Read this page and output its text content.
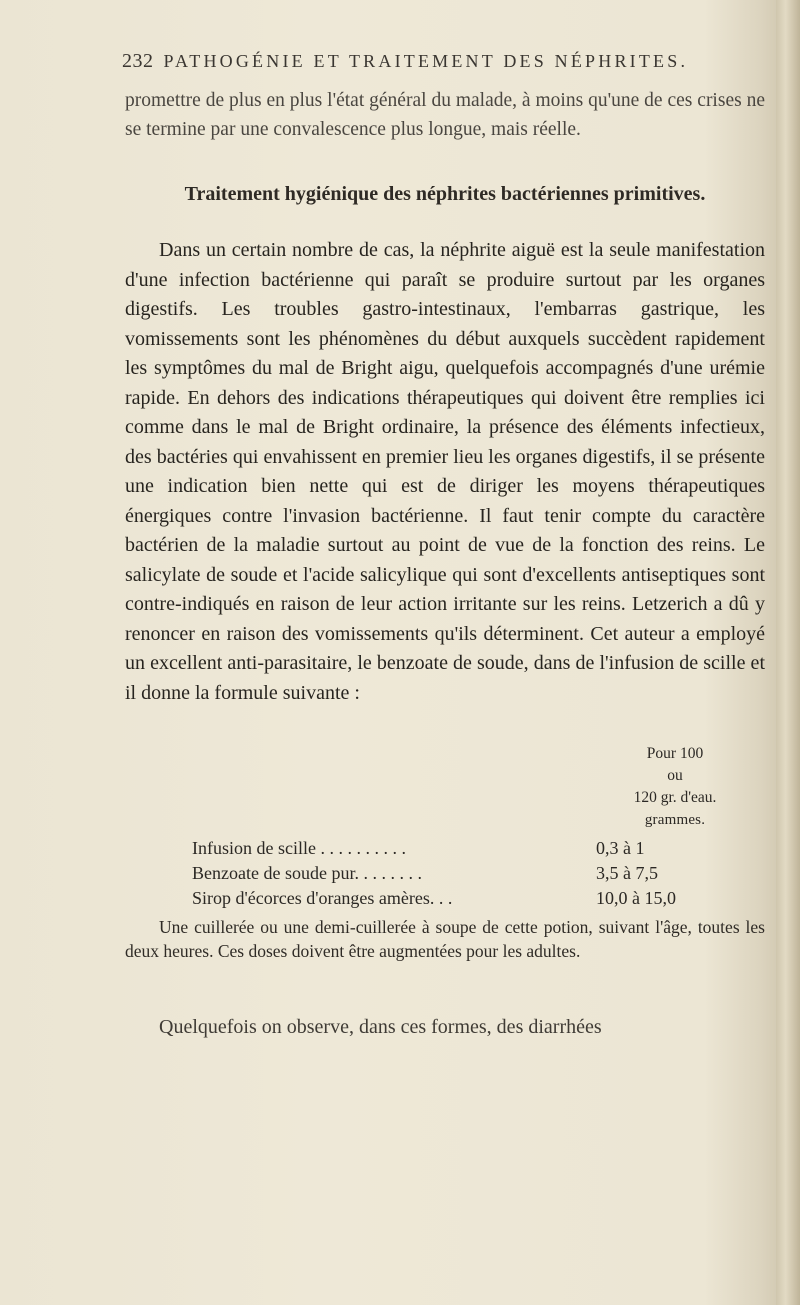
232 PATHOGÉNIE ET TRAITEMENT DES NÉPHRITES.
promettre de plus en plus l'état général du malade, à moins qu'une de ces crises ne se termine par une convalescence plus longue, mais réelle.
Traitement hygiénique des néphrites bactériennes primitives.
Dans un certain nombre de cas, la néphrite aiguë est la seule manifestation d'une infection bactérienne qui paraît se produire surtout par les organes digestifs. Les troubles gastro-intestinaux, l'embarras gastrique, les vomissements sont les phénomènes du début auxquels succèdent rapidement les symptômes du mal de Bright aigu, quelquefois accompagnés d'une urémie rapide. En dehors des indications thérapeutiques qui doivent être remplies ici comme dans le mal de Bright ordinaire, la présence des éléments infectieux, des bactéries qui envahissent en premier lieu les organes digestifs, il se présente une indication bien nette qui est de diriger les moyens thérapeutiques énergiques contre l'invasion bactérienne. Il faut tenir compte du caractère bactérien de la maladie surtout au point de vue de la fonction des reins. Le salicylate de soude et l'acide salicylique qui sont d'excellents antiseptiques sont contre-indiqués en raison de leur action irritante sur les reins. Letzerich a dû y renoncer en raison des vomissements qu'ils déterminent. Cet auteur a employé un excellent anti-parasitaire, le benzoate de soude, dans de l'infusion de scille et il donne la formule suivante :
Pour 100
ou
120 gr. d'eau.
grammes.
Infusion de scille . . . . . . . . . .	0,3 à 1
Benzoate de soude pur. . . . . . . .	3,5 à 7,5
Sirop d'écorces d'oranges amères. . .	10,0 à 15,0
Une cuillerée ou une demi-cuillerée à soupe de cette potion, suivant l'âge, toutes les deux heures. Ces doses doivent être augmentées pour les adultes.
Quelquefois on observe, dans ces formes, des diarrhées
